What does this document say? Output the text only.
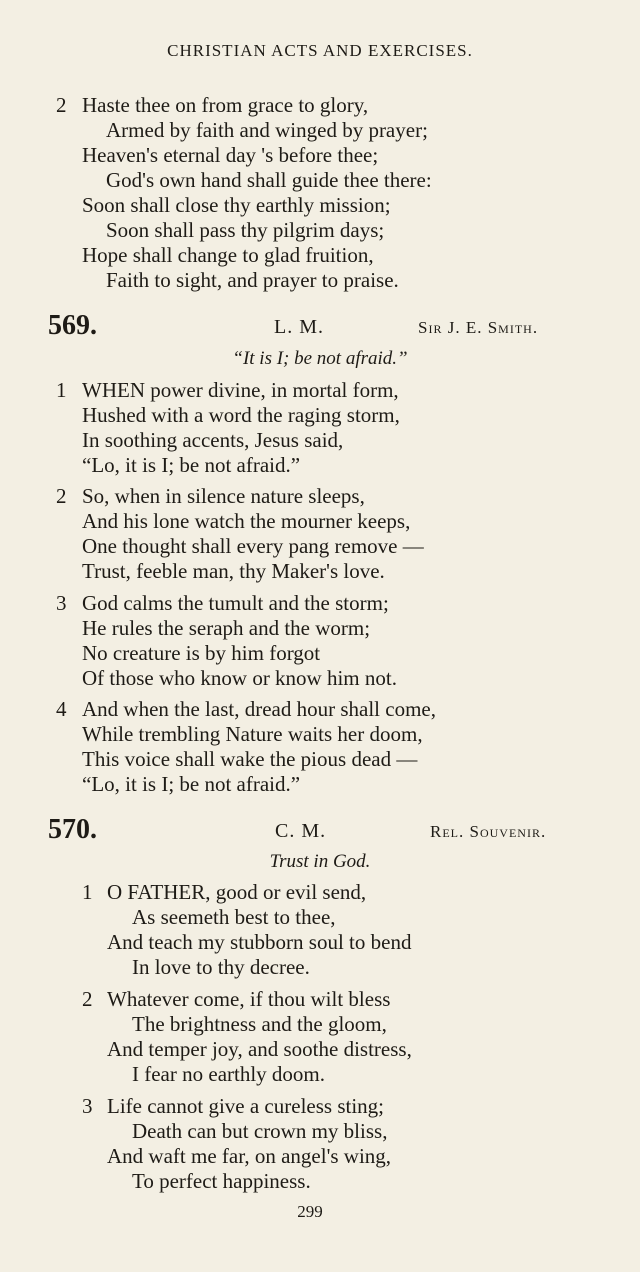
CHRISTIAN ACTS AND EXERCISES.
2 Haste thee on from grace to glory,
Armed by faith and winged by prayer;
Heaven's eternal day 's before thee;
God's own hand shall guide thee there:
Soon shall close thy earthly mission;
Soon shall pass thy pilgrim days;
Hope shall change to glad fruition,
Faith to sight, and prayer to praise.
569.	L. M.	Sir J. E. Smith.
“It is I; be not afraid.”
1 WHEN power divine, in mortal form,
Hushed with a word the raging storm,
In soothing accents, Jesus said,
“Lo, it is I; be not afraid.”
2 So, when in silence nature sleeps,
And his lone watch the mourner keeps,
One thought shall every pang remove —
Trust, feeble man, thy Maker's love.
3 God calms the tumult and the storm;
He rules the seraph and the worm;
No creature is by him forgot
Of those who know or know him not.
4 And when the last, dread hour shall come,
While trembling Nature waits her doom,
This voice shall wake the pious dead —
“Lo, it is I; be not afraid.”
570.	C. M.	Rel. Souvenir.
Trust in God.
1 O FATHER, good or evil send,
As seemeth best to thee,
And teach my stubborn soul to bend
In love to thy decree.
2 Whatever come, if thou wilt bless
The brightness and the gloom,
And temper joy, and soothe distress,
I fear no earthly doom.
3 Life cannot give a cureless sting;
Death can but crown my bliss,
And waft me far, on angel's wing,
To perfect happiness.
299
